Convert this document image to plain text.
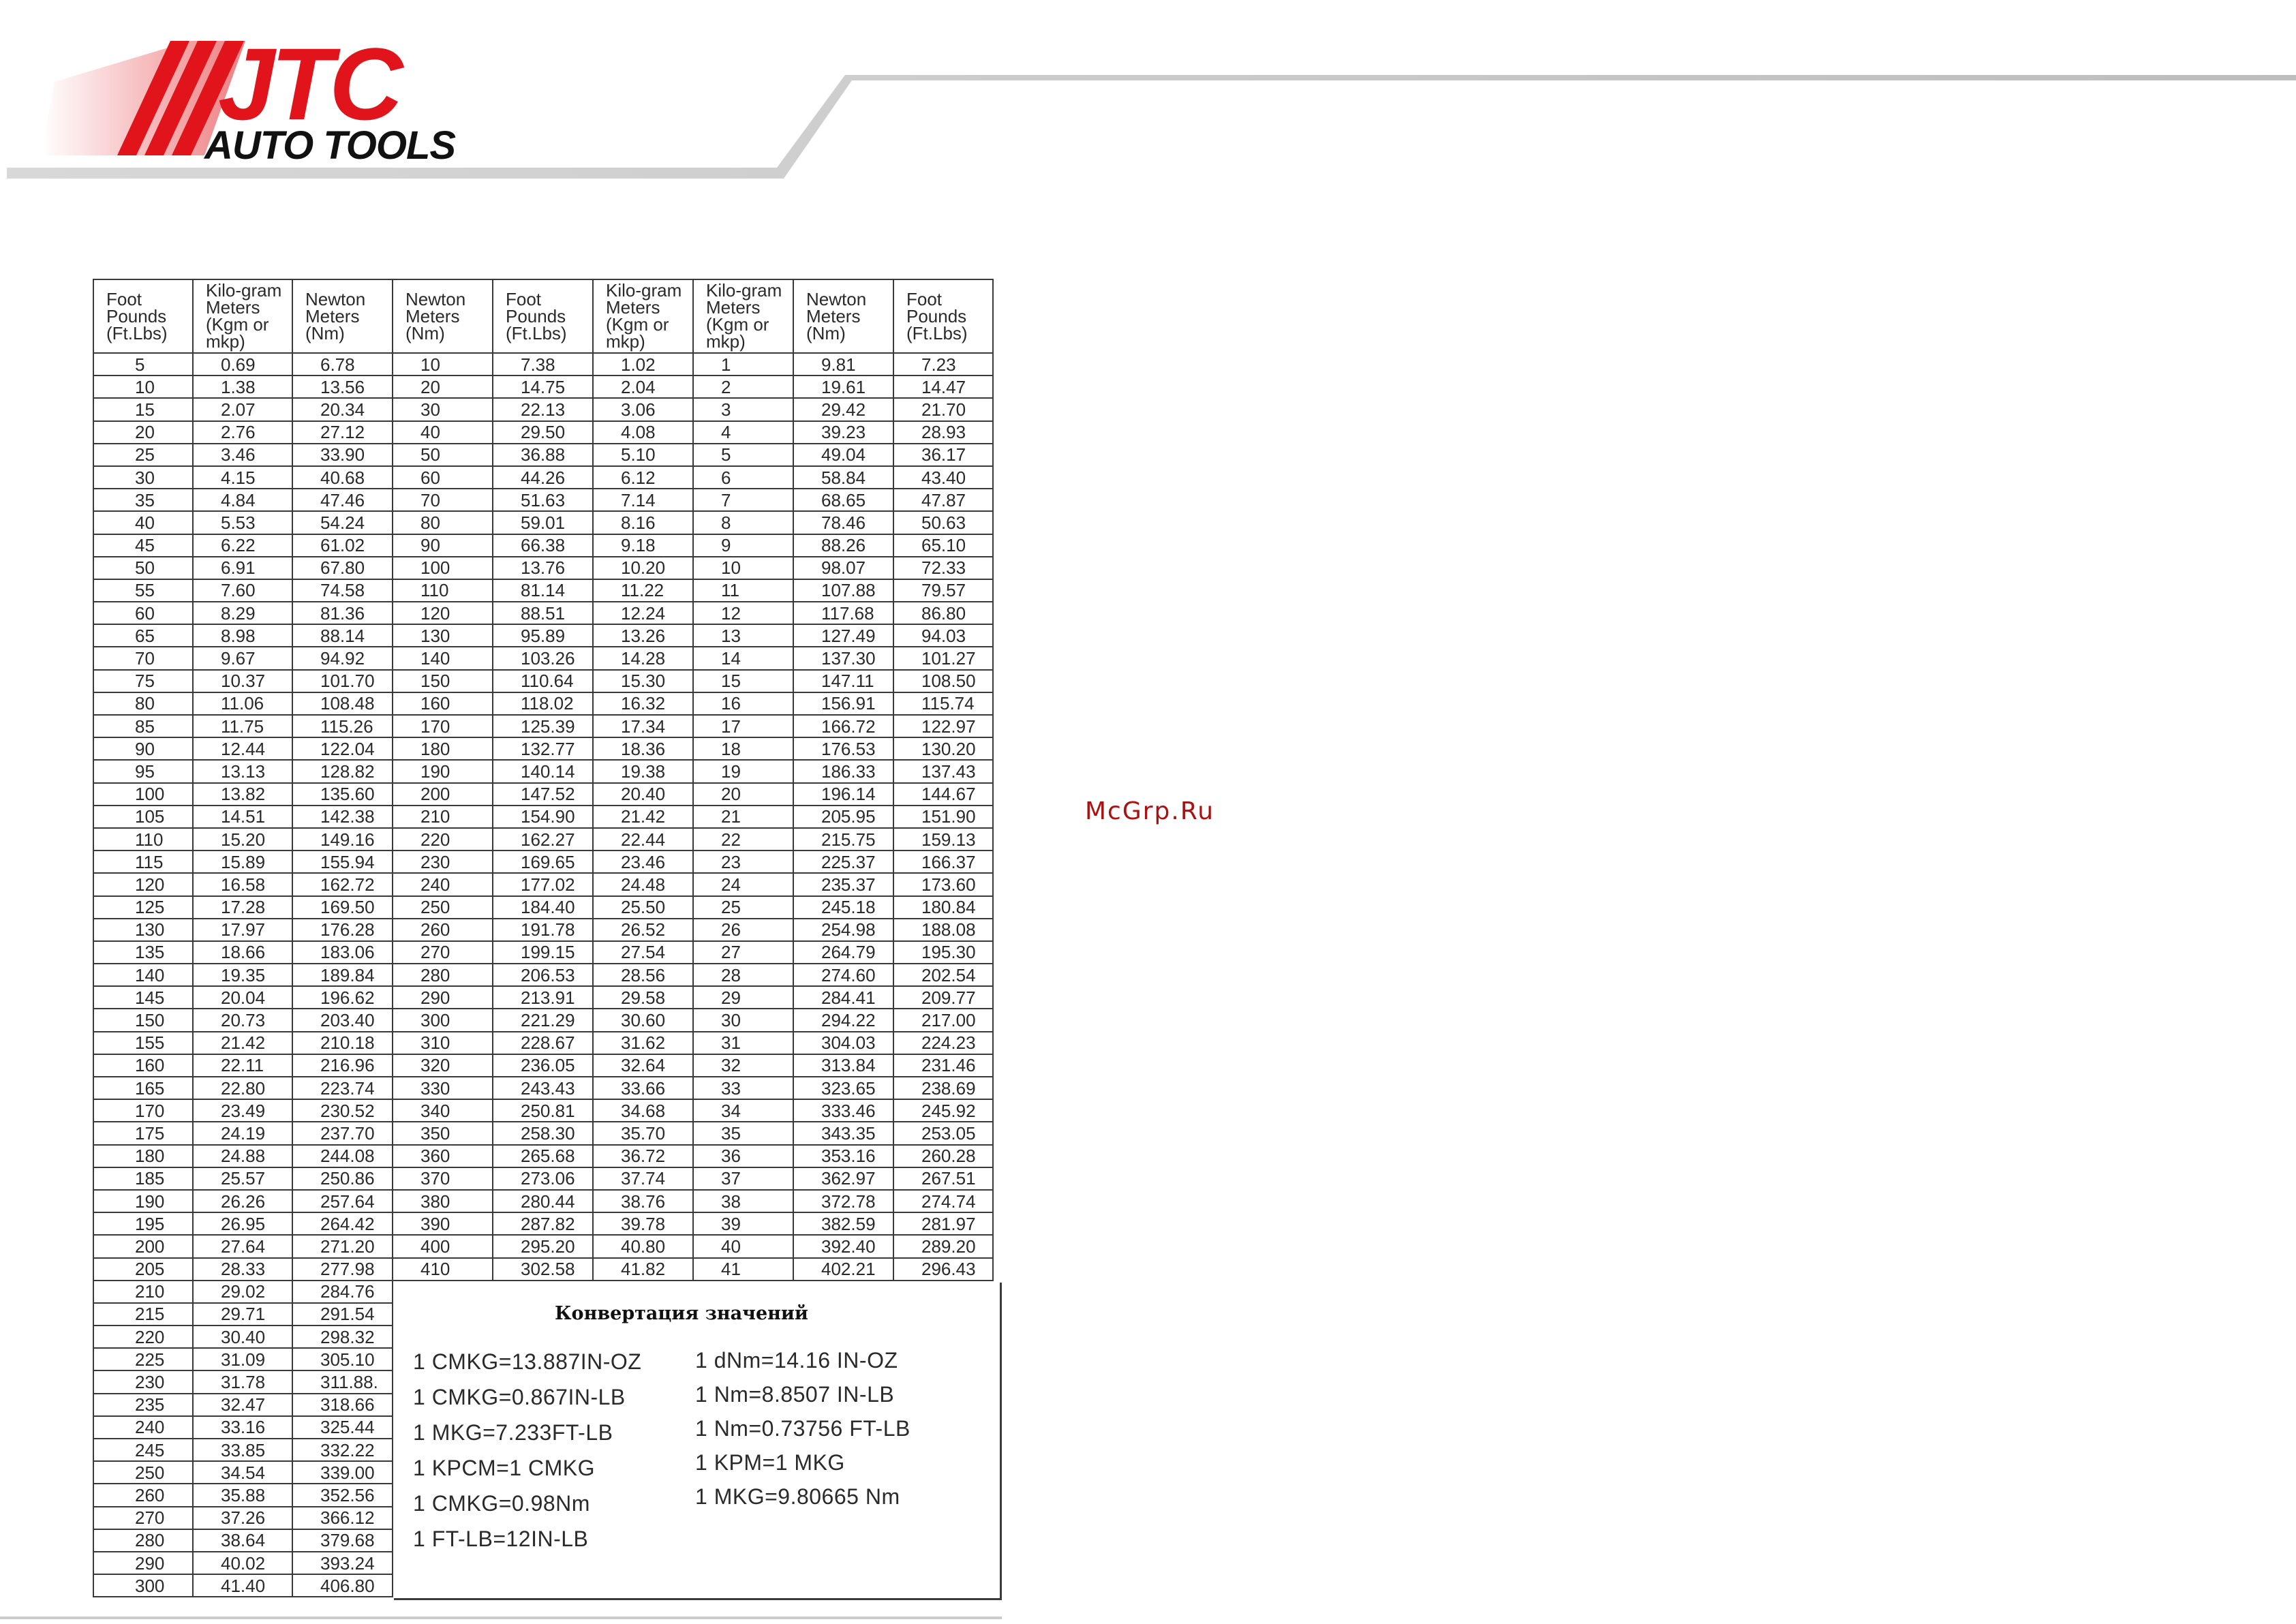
JTC
AUTO TOOLS
McGrp.Ru
Foot Pounds (Ft.Lbs)	Kilo-gram Meters (Kgm or mkp)	Newton Meters (Nm)	Newton Meters (Nm)	Foot Pounds (Ft.Lbs)	Kilo-gram Meters (Kgm or mkp)	Kilo-gram Meters (Kgm or mkp)	Newton Meters (Nm)	Foot Pounds (Ft.Lbs)
5	0.69	6.78	10	7.38	1.02	1	9.81	7.23
10	1.38	13.56	20	14.75	2.04	2	19.61	14.47
15	2.07	20.34	30	22.13	3.06	3	29.42	21.70
20	2.76	27.12	40	29.50	4.08	4	39.23	28.93
25	3.46	33.90	50	36.88	5.10	5	49.04	36.17
30	4.15	40.68	60	44.26	6.12	6	58.84	43.40
35	4.84	47.46	70	51.63	7.14	7	68.65	47.87
40	5.53	54.24	80	59.01	8.16	8	78.46	50.63
45	6.22	61.02	90	66.38	9.18	9	88.26	65.10
50	6.91	67.80	100	13.76	10.20	10	98.07	72.33
55	7.60	74.58	110	81.14	11.22	11	107.88	79.57
60	8.29	81.36	120	88.51	12.24	12	117.68	86.80
65	8.98	88.14	130	95.89	13.26	13	127.49	94.03
70	9.67	94.92	140	103.26	14.28	14	137.30	101.27
75	10.37	101.70	150	110.64	15.30	15	147.11	108.50
80	11.06	108.48	160	118.02	16.32	16	156.91	115.74
85	11.75	115.26	170	125.39	17.34	17	166.72	122.97
90	12.44	122.04	180	132.77	18.36	18	176.53	130.20
95	13.13	128.82	190	140.14	19.38	19	186.33	137.43
100	13.82	135.60	200	147.52	20.40	20	196.14	144.67
105	14.51	142.38	210	154.90	21.42	21	205.95	151.90
110	15.20	149.16	220	162.27	22.44	22	215.75	159.13
115	15.89	155.94	230	169.65	23.46	23	225.37	166.37
120	16.58	162.72	240	177.02	24.48	24	235.37	173.60
125	17.28	169.50	250	184.40	25.50	25	245.18	180.84
130	17.97	176.28	260	191.78	26.52	26	254.98	188.08
135	18.66	183.06	270	199.15	27.54	27	264.79	195.30
140	19.35	189.84	280	206.53	28.56	28	274.60	202.54
145	20.04	196.62	290	213.91	29.58	29	284.41	209.77
150	20.73	203.40	300	221.29	30.60	30	294.22	217.00
155	21.42	210.18	310	228.67	31.62	31	304.03	224.23
160	22.11	216.96	320	236.05	32.64	32	313.84	231.46
165	22.80	223.74	330	243.43	33.66	33	323.65	238.69
170	23.49	230.52	340	250.81	34.68	34	333.46	245.92
175	24.19	237.70	350	258.30	35.70	35	343.35	253.05
180	24.88	244.08	360	265.68	36.72	36	353.16	260.28
185	25.57	250.86	370	273.06	37.74	37	362.97	267.51
190	26.26	257.64	380	280.44	38.76	38	372.78	274.74
195	26.95	264.42	390	287.82	39.78	39	382.59	281.97
200	27.64	271.20	400	295.20	40.80	40	392.40	289.20
205	28.33	277.98	410	302.58	41.82	41	402.21	296.43
210	29.02	284.76						
215	29.71	291.54						
220	30.40	298.32						
225	31.09	305.10						
230	31.78	311.88.						
235	32.47	318.66						
240	33.16	325.44						
245	33.85	332.22						
250	34.54	339.00						
260	35.88	352.56						
270	37.26	366.12						
280	38.64	379.68						
290	40.02	393.24						
300	41.40	406.80						
Конвертация значений
1 CMKG=13.887IN-OZ
1 CMKG=0.867IN-LB
1 MKG=7.233FT-LB
1 KPCM=1 CMKG
1 CMKG=0.98Nm
1 FT-LB=12IN-LB
1 dNm=14.16 IN-OZ
1 Nm=8.8507 IN-LB
1 Nm=0.73756 FT-LB
1 KPM=1 MKG
1 MKG=9.80665 Nm
